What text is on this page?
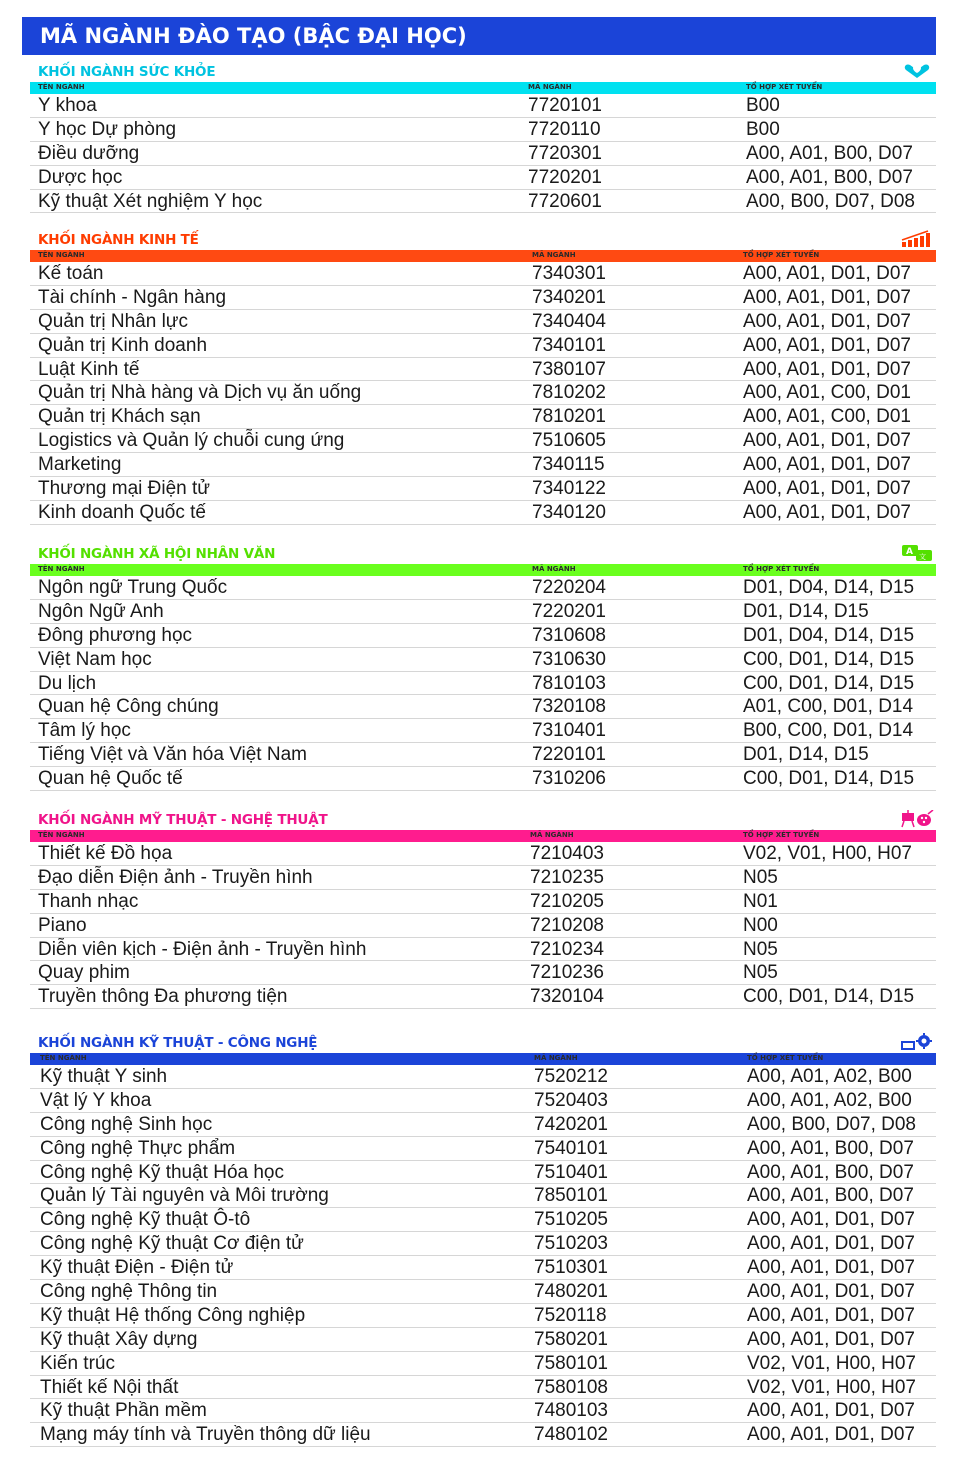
MÃ NGÀNH ĐÀO TẠO (BẬC ĐẠI HỌC)
KHỐI NGÀNH SỨC KHỎE
TÊN NGÀNH	MÃ NGÀNH	TỔ HỢP XÉT TUYỂN
Y khoa	7720101	B00
Y học Dự phòng	7720110	B00
Điều dưỡng	7720301	A00, A01, B00, D07
Dược học	7720201	A00, A01, B00, D07
Kỹ thuật Xét nghiệm Y học	7720601	A00, B00, D07, D08
KHỐI NGÀNH KINH TẾ
TÊN NGÀNH	MÃ NGÀNH	TỔ HỢP XÉT TUYỂN
Kế toán	7340301	A00, A01, D01, D07
Tài chính - Ngân hàng	7340201	A00, A01, D01, D07
Quản trị Nhân lực	7340404	A00, A01, D01, D07
Quản trị Kinh doanh	7340101	A00, A01, D01, D07
Luật Kinh tế	7380107	A00, A01, D01, D07
Quản trị Nhà hàng và Dịch vụ ăn uống	7810202	A00, A01, C00, D01
Quản trị Khách sạn	7810201	A00, A01, C00, D01
Logistics và Quản lý chuỗi cung ứng	7510605	A00, A01, D01, D07
Marketing	7340115	A00, A01, D01, D07
Thương mại Điện tử	7340122	A00, A01, D01, D07
Kinh doanh Quốc tế	7340120	A00, A01, D01, D07
KHỐI NGÀNH XÃ HỘI NHÂN VĂN	A 文
TÊN NGÀNH	MÃ NGÀNH	TỔ HỢP XÉT TUYỂN
Ngôn ngữ Trung Quốc	7220204	D01, D04, D14, D15
Ngôn Ngữ Anh	7220201	D01, D14, D15
Đông phương học	7310608	D01, D04, D14, D15
Việt Nam học	7310630	C00, D01, D14, D15
Du lịch	7810103	C00, D01, D14, D15
Quan hệ Công chúng	7320108	A01, C00, D01, D14
Tâm lý học	7310401	B00, C00, D01, D14
Tiếng Việt và Văn hóa Việt Nam	7220101	D01, D14, D15
Quan hệ Quốc tế	7310206	C00, D01, D14, D15
KHỐI NGÀNH MỸ THUẬT - NGHỆ THUẬT
TÊN NGÀNH	MÃ NGÀNH	TỔ HỢP XÉT TUYỂN
Thiết kế Đồ họa	7210403	V02, V01, H00, H07
Đạo diễn Điện ảnh - Truyền hình	7210235	N05
Thanh nhạc	7210205	N01
Piano	7210208	N00
Diễn viên kịch - Điện ảnh - Truyền hình	7210234	N05
Quay phim	7210236	N05
Truyền thông Đa phương tiện	7320104	C00, D01, D14, D15
KHỐI NGÀNH KỸ THUẬT - CÔNG NGHỆ
TÊN NGÀNH	MÃ NGÀNH	TỔ HỢP XÉT TUYỂN
Kỹ thuật Y sinh	7520212	A00, A01, A02, B00
Vật lý Y khoa	7520403	A00, A01, A02, B00
Công nghệ Sinh học	7420201	A00, B00, D07, D08
Công nghệ Thực phẩm	7540101	A00, A01, B00, D07
Công nghệ Kỹ thuật Hóa học	7510401	A00, A01, B00, D07
Quản lý Tài nguyên và Môi trường	7850101	A00, A01, B00, D07
Công nghệ Kỹ thuật Ô-tô	7510205	A00, A01, D01, D07
Công nghệ Kỹ thuật Cơ điện tử	7510203	A00, A01, D01, D07
Kỹ thuật Điện - Điện tử	7510301	A00, A01, D01, D07
Công nghệ Thông tin	7480201	A00, A01, D01, D07
Kỹ thuật Hệ thống Công nghiệp	7520118	A00, A01, D01, D07
Kỹ thuật Xây dựng	7580201	A00, A01, D01, D07
Kiến trúc	7580101	V02, V01, H00, H07
Thiết kế Nội thất	7580108	V02, V01, H00, H07
Kỹ thuật Phần mềm	7480103	A00, A01, D01, D07
Mạng máy tính và Truyền thông dữ liệu	7480102	A00, A01, D01, D07
